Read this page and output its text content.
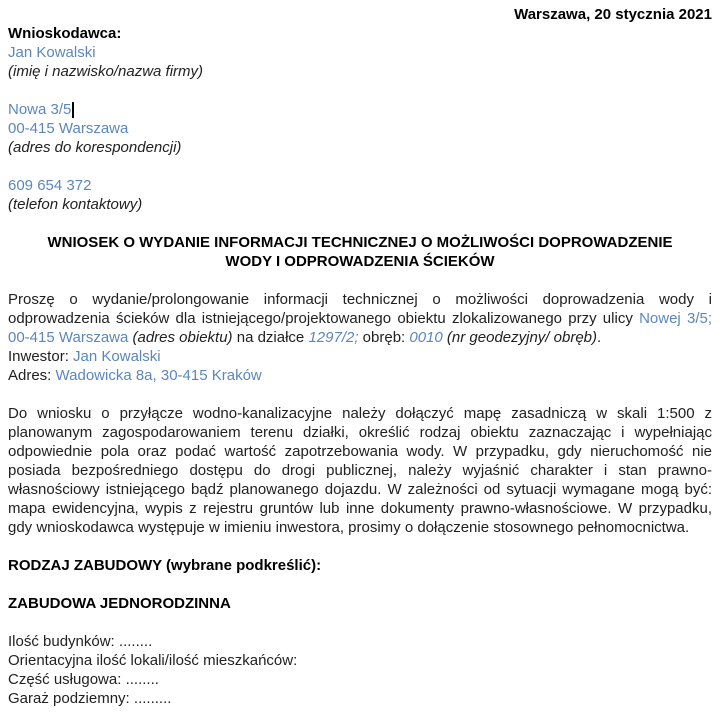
Warszawa, 20 stycznia 2021
Wnioskodawca:
Jan Kowalski
(imię i nazwisko/nazwa firmy)
Nowa 3/5
00-415 Warszawa
(adres do korespondencji)
609 654 372
(telefon kontaktowy)
WNIOSEK O WYDANIE INFORMACJI TECHNICZNEJ O MOŻLIWOŚCI DOPROWADZENIE WODY I ODPROWADZENIA ŚCIEKÓW

Proszę o wydanie/prolongowanie informacji technicznej o możliwości doprowadzenia wody i odprowadzenia ścieków dla istniejącego/projektowanego obiektu zlokalizowanego przy ulicy Nowej 3/5; 00-415 Warszawa (adres obiektu) na działce 1297/2; obręb: 0010 (nr geodezyjny/ obręb).

Inwestor: Jan Kowalski
Adres: Wadowicka 8a, 30-415 Kraków

Do wniosku o przyłącze wodno-kanalizacyjne należy dołączyć mapę zasadniczą w skali 1:500 z planowanym zagospodarowaniem terenu działki, określić rodzaj obiektu zaznaczając i wypełniając odpowiednie pola oraz podać wartość zapotrzebowania wody. W przypadku, gdy nieruchomość nie posiada bezpośredniego dostępu do drogi publicznej, należy wyjaśnić charakter i stan prawno-własnościowy istniejącego bądź planowanego dojazdu. W zależności od sytuacji wymagane mogą być: mapa ewidencyjna, wypis z rejestru gruntów lub inne dokumenty prawno-własnościowe. W przypadku, gdy wnioskodawca występuje w imieniu inwestora, prosimy o dołączenie stosownego pełnomocnictwa.

RODZAJ ZABUDOWY (wybrane podkreślić):
ZABUDOWA JEDNORODZINNA
Ilość budynków: ........
Orientacyjna ilość lokali/ilość mieszkańców:
Część usługowa: ........
Garaż podziemny: .........
